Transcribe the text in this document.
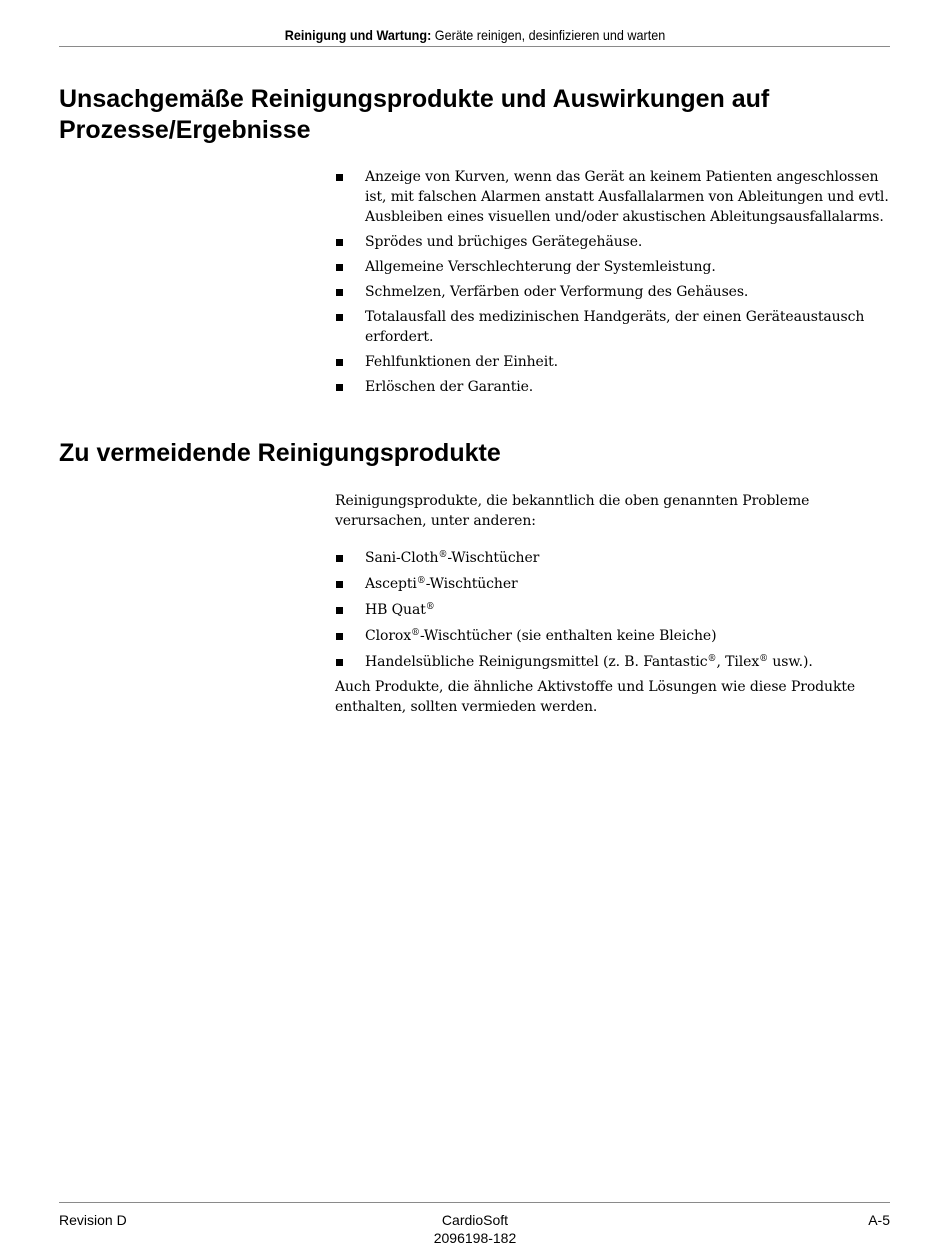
Reinigung und Wartung: Geräte reinigen, desinfizieren und warten
Unsachgemäße Reinigungsprodukte und Auswirkungen auf
Prozesse/Ergebnisse
Anzeige von Kurven, wenn das Gerät an keinem Patienten angeschlossen ist, mit falschen Alarmen anstatt Ausfallalarmen von Ableitungen und evtl. Ausbleiben eines visuellen und/oder akustischen Ableitungsausfallalarms.
Sprödes und brüchiges Gerätegehäuse.
Allgemeine Verschlechterung der Systemleistung.
Schmelzen, Verfärben oder Verformung des Gehäuses.
Totalausfall des medizinischen Handgeräts, der einen Geräteaustausch erfordert.
Fehlfunktionen der Einheit.
Erlöschen der Garantie.
Zu vermeidende Reinigungsprodukte

Reinigungsprodukte, die bekanntlich die oben genannten Probleme verursachen, unter anderen:

Sani-Cloth®-Wischtücher
Ascepti®-Wischtücher
HB Quat®
Clorox®-Wischtücher (sie enthalten keine Bleiche)
Handelsübliche Reinigungsmittel (z. B. Fantastic®, Tilex® usw.).

Auch Produkte, die ähnliche Aktivstoffe und Lösungen wie diese Produkte enthalten, sollten vermieden werden.

Revision D	CardioSoft
2096198-182
A-5
